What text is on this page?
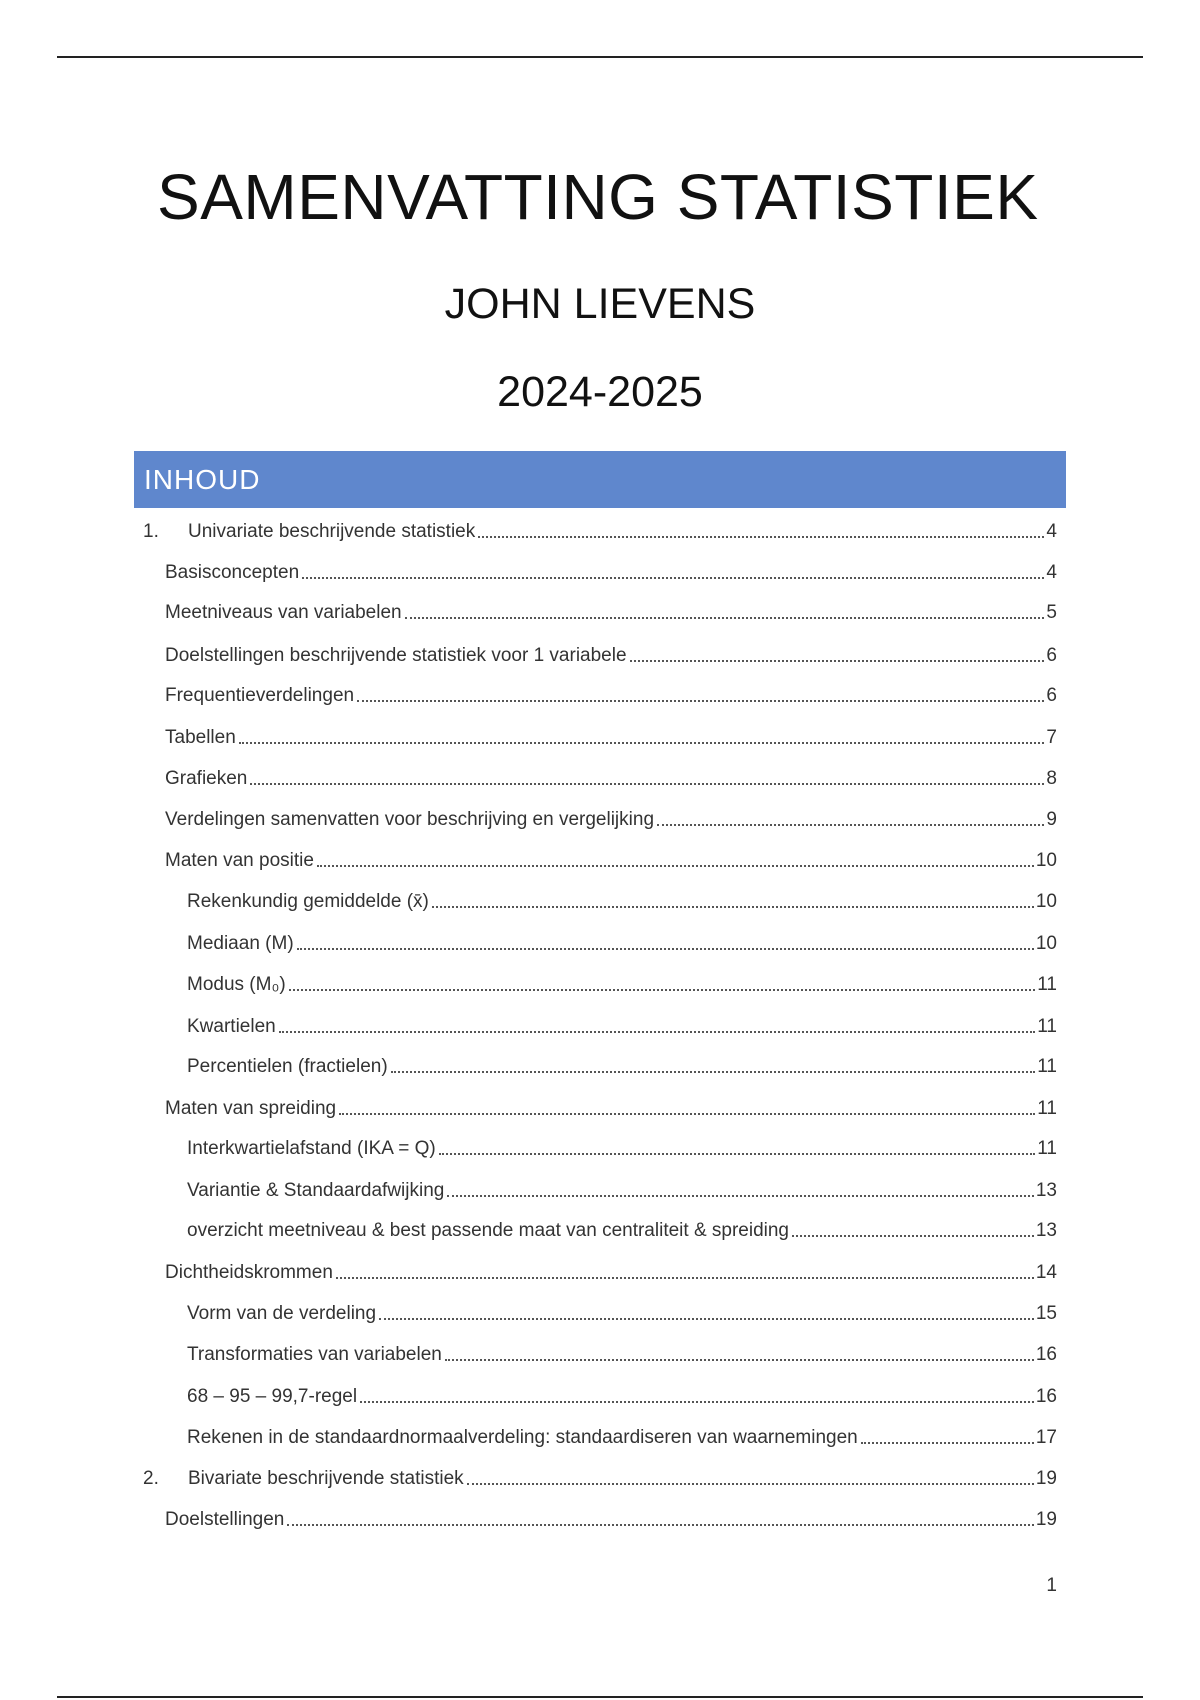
SAMENVATTING STATISTIEK
JOHN LIEVENS
2024-2025
INHOUD
1.	Univariate beschrijvende statistiek	4
Basisconcepten	4
Meetniveaus van variabelen	5
Doelstellingen beschrijvende statistiek voor 1 variabele	6
Frequentieverdelingen	6
Tabellen	7
Grafieken	8
Verdelingen samenvatten voor beschrijving en vergelijking	9
Maten van positie	10
Rekenkundig gemiddelde (x̄)	10
Mediaan (M)	10
Modus (M₀)	11
Kwartielen	11
Percentielen (fractielen)	11
Maten van spreiding	11
Interkwartielafstand (IKA = Q)	11
Variantie & Standaardafwijking	13
overzicht meetniveau & best passende maat van centraliteit & spreiding	13
Dichtheidskrommen	14
Vorm van de verdeling	15
Transformaties van variabelen	16
68 – 95 – 99,7-regel	16
Rekenen in de standaardnormaalverdeling: standaardiseren van waarnemingen	17
2.	Bivariate beschrijvende statistiek	19
Doelstellingen	19
1
